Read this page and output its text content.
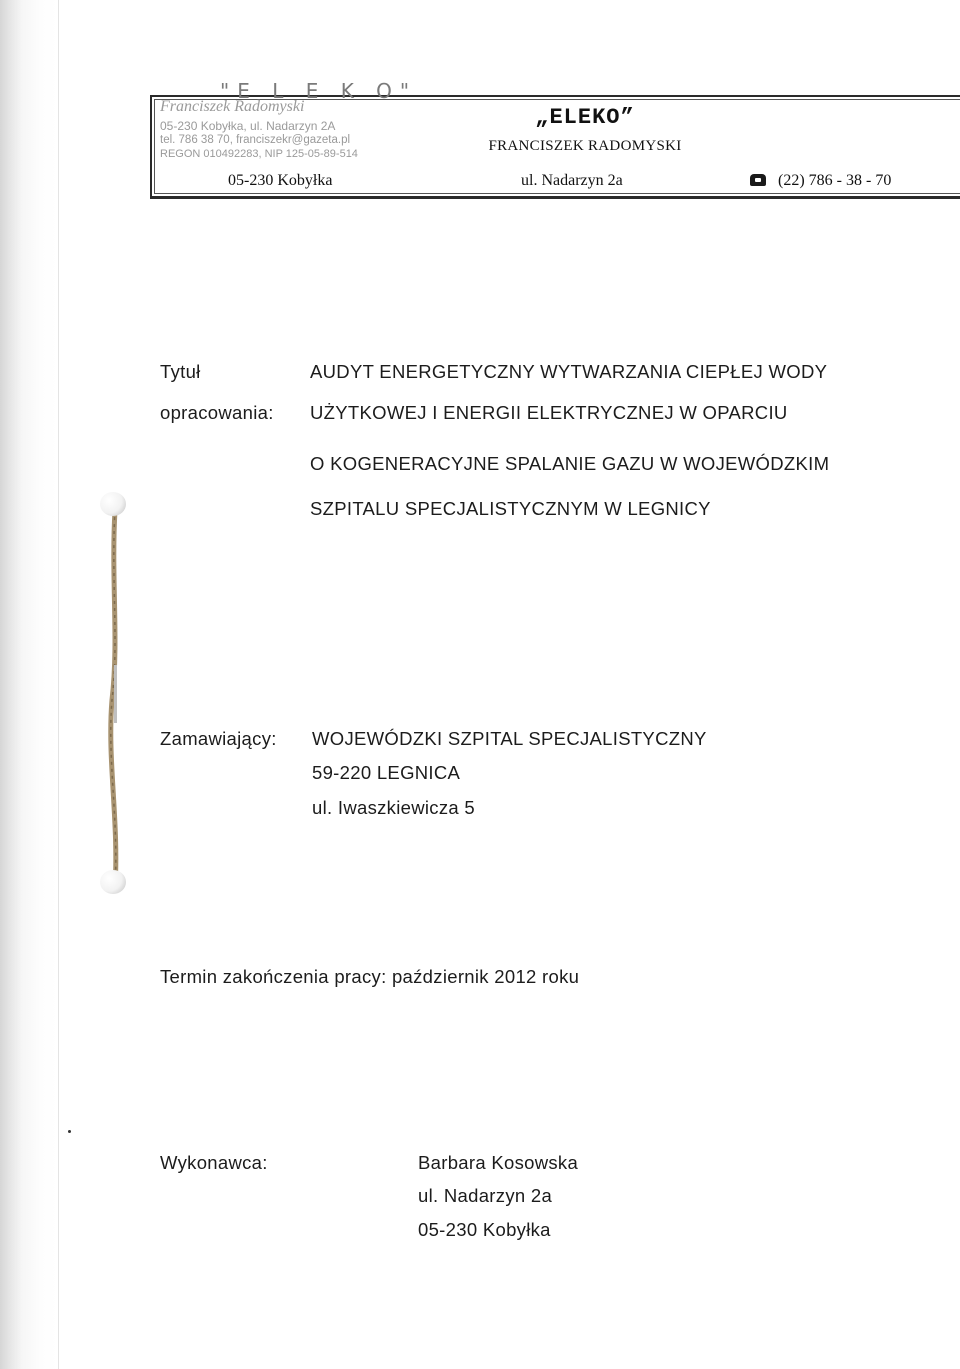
"E L E K O"
Franciszek Radomyski
05-230 Kobyłka, ul. Nadarzyn 2A
tel. 786 38 70, franciszekr@gazeta.pl
REGON 010492283, NIP 125-05-89-514
„ELEKO”
FRANCISZEK RADOMYSKI
05-230 Kobyłka	ul. Nadarzyn 2a	(22) 786 - 38 - 70
Tytuł
opracowania:
AUDYT ENERGETYCZNY WYTWARZANIA CIEPŁEJ WODY
UŻYTKOWEJ I ENERGII ELEKTRYCZNEJ W OPARCIU
O KOGENERACYJNE SPALANIE GAZU W WOJEWÓDZKIM
SZPITALU SPECJALISTYCZNYM W LEGNICY
Zamawiający: WOJEWÓDZKI SZPITAL SPECJALISTYCZNY
59-220 LEGNICA
ul. Iwaszkiewicza 5
Termin zakończenia pracy: październik 2012 roku
Wykonawca:	Barbara Kosowska
ul. Nadarzyn 2a
05-230 Kobyłka
